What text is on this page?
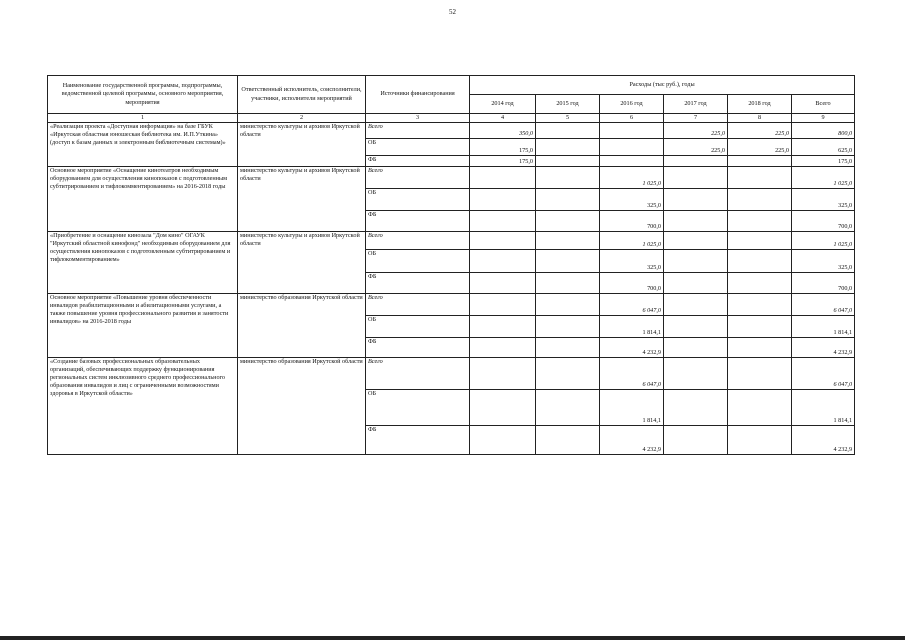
52
Наименование государственной программы, подпрограммы, ведомственной целевой программы, основного мероприятия, мероприятия	Ответственный исполнитель, соисполнители, участники, исполнители мероприятий	Источники финансирования	Расходы (тыс руб.), годы					
			2014 год	2015 год	2016 год	2017 год	2018 год	Всего
1	2	3	4	5	6	7	8	9
«Реализация проекта «Доступная информация» на базе ГБУК «Иркутская областная юношеская библиотека им. И.П.Уткина» (доступ к базам данных и электронным библиотечным системам)»	министерство культуры и архивов Иркутской области	Всего	350,0			225,0	225,0	800,0
		ОБ	175,0			225,0	225,0	625,0
		ФБ	175,0					175,0
Основное мероприятие «Оснащение кинотеатров необходимым оборудованием для осуществления кинопоказов с подготовленным субтитрированием и тифлокомментированием» на 2016-2018 годы	министерство культуры и архивов Иркутской области	Всего			1 025,0			1 025,0
		ОБ			325,0			325,0
		ФБ			700,0			700,0
«Приобретение и оснащение кинозала "Дом кино" ОГАУК "Иркутский областной кинофонд" необходимым оборудованием для осуществления кинопоказов с подготовленным субтитрированием и тифлокомментированием»	министерство культуры и архивов Иркутской области	Всего			1 025,0			1 025,0
		ОБ			325,0			325,0
		ФБ			700,0			700,0
Основное мероприятие «Повышение уровня обеспеченности инвалидов реабилитационными и абилитационными услугами, а также повышение уровня профессионального развития и занятости инвалидов» на 2016-2018 годы	министерство образования Иркутской области	Всего			6 047,0			6 047,0
		ОБ			1 814,1			1 814,1
		ФБ			4 232,9			4 232,9
«Создание базовых профессиональных образовательных организаций, обеспечивающих поддержку функционирования региональных систем инклюзивного среднего профессионального образования инвалидов и лиц с ограниченными возможностями здоровья в Иркутской области»	министерство образования Иркутской области	Всего			6 047,0			6 047,0
		ОБ			1 814,1			1 814,1
		ФБ			4 232,9			4 232,9
